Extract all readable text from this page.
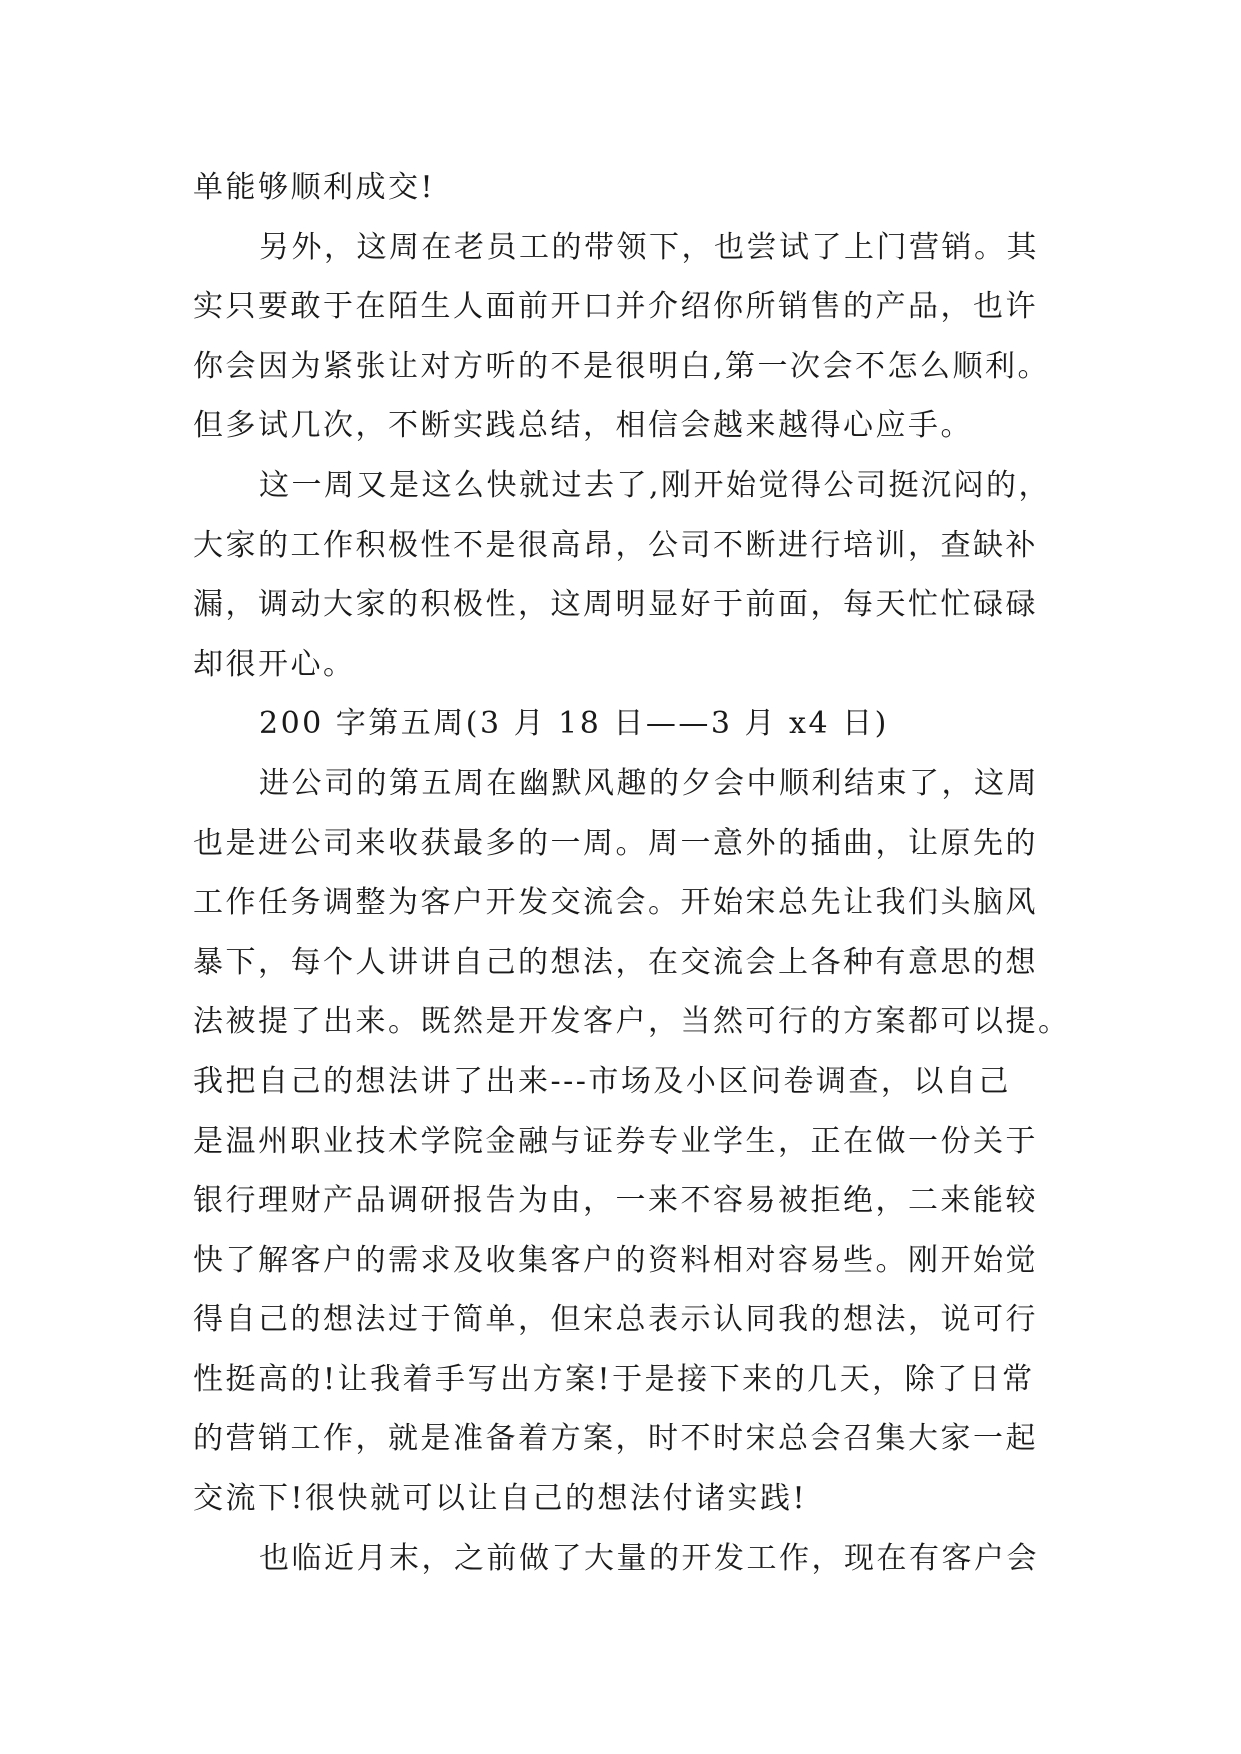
单能够顺利成交!
另外，这周在老员工的带领下，也尝试了上门营销。其
实只要敢于在陌生人面前开口并介绍你所销售的产品，也许
你会因为紧张让对方听的不是很明白,第一次会不怎么顺利。
但多试几次，不断实践总结，相信会越来越得心应手。
这一周又是这么快就过去了,刚开始觉得公司挺沉闷的，
大家的工作积极性不是很高昂，公司不断进行培训，查缺补
漏，调动大家的积极性，这周明显好于前面，每天忙忙碌碌
却很开心。
200 字第五周(3 月 18 日——3 月 x4 日)
进公司的第五周在幽默风趣的夕会中顺利结束了，这周
也是进公司来收获最多的一周。周一意外的插曲，让原先的
工作任务调整为客户开发交流会。开始宋总先让我们头脑风
暴下，每个人讲讲自己的想法，在交流会上各种有意思的想
法被提了出来。既然是开发客户，当然可行的方案都可以提。
我把自己的想法讲了出来---市场及小区问卷调查，以自己
是温州职业技术学院金融与证券专业学生，正在做一份关于
银行理财产品调研报告为由，一来不容易被拒绝，二来能较
快了解客户的需求及收集客户的资料相对容易些。刚开始觉
得自己的想法过于简单，但宋总表示认同我的想法，说可行
性挺高的!让我着手写出方案!于是接下来的几天，除了日常
的营销工作，就是准备着方案，时不时宋总会召集大家一起
交流下!很快就可以让自己的想法付诸实践!
也临近月末，之前做了大量的开发工作，现在有客户会
